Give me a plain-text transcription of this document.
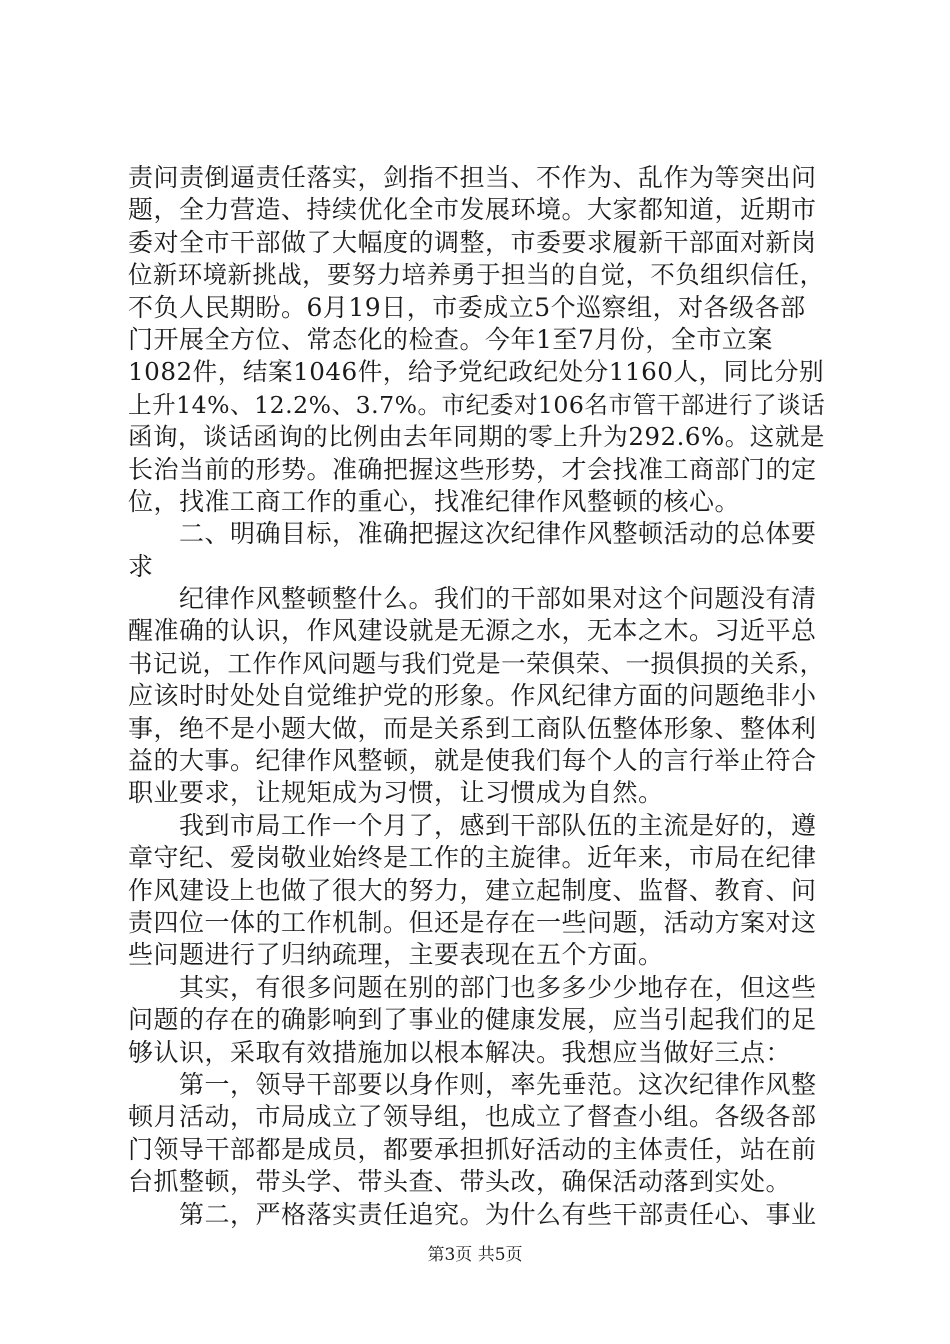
责问责倒逼责任落实，剑指不担当、不作为、乱作为等突出问
题，全力营造、持续优化全市发展环境。大家都知道，近期市
委对全市干部做了大幅度的调整，市委要求履新干部面对新岗
位新环境新挑战，要努力培养勇于担当的自觉，不负组织信任，
不负人民期盼。6月19日，市委成立5个巡察组，对各级各部
门开展全方位、常态化的检查。今年1至7月份，全市立案
1082件，结案1046件，给予党纪政纪处分1160人，同比分别
上升14%、12.2%、3.7%。市纪委对106名市管干部进行了谈话
函询，谈话函询的比例由去年同期的零上升为292.6%。这就是
长治当前的形势。准确把握这些形势，才会找准工商部门的定
位，找准工商工作的重心，找准纪律作风整顿的核心。
　　二、明确目标，准确把握这次纪律作风整顿活动的总体要
求
　　纪律作风整顿整什么。我们的干部如果对这个问题没有清
醒准确的认识，作风建设就是无源之水，无本之木。习近平总
书记说，工作作风问题与我们党是一荣俱荣、一损俱损的关系，
应该时时处处自觉维护党的形象。作风纪律方面的问题绝非小
事，绝不是小题大做，而是关系到工商队伍整体形象、整体利
益的大事。纪律作风整顿，就是使我们每个人的言行举止符合
职业要求，让规矩成为习惯，让习惯成为自然。
　　我到市局工作一个月了，感到干部队伍的主流是好的，遵
章守纪、爱岗敬业始终是工作的主旋律。近年来，市局在纪律
作风建设上也做了很大的努力，建立起制度、监督、教育、问
责四位一体的工作机制。但还是存在一些问题，活动方案对这
些问题进行了归纳疏理，主要表现在五个方面。
　　其实，有很多问题在别的部门也多多少少地存在，但这些
问题的存在的确影响到了事业的健康发展，应当引起我们的足
够认识，采取有效措施加以根本解决。我想应当做好三点：
　　第一，领导干部要以身作则，率先垂范。这次纪律作风整
顿月活动，市局成立了领导组，也成立了督查小组。各级各部
门领导干部都是成员，都要承担抓好活动的主体责任，站在前
台抓整顿，带头学、带头查、带头改，确保活动落到实处。
　　第二，严格落实责任追究。为什么有些干部责任心、事业
第3页 共5页
